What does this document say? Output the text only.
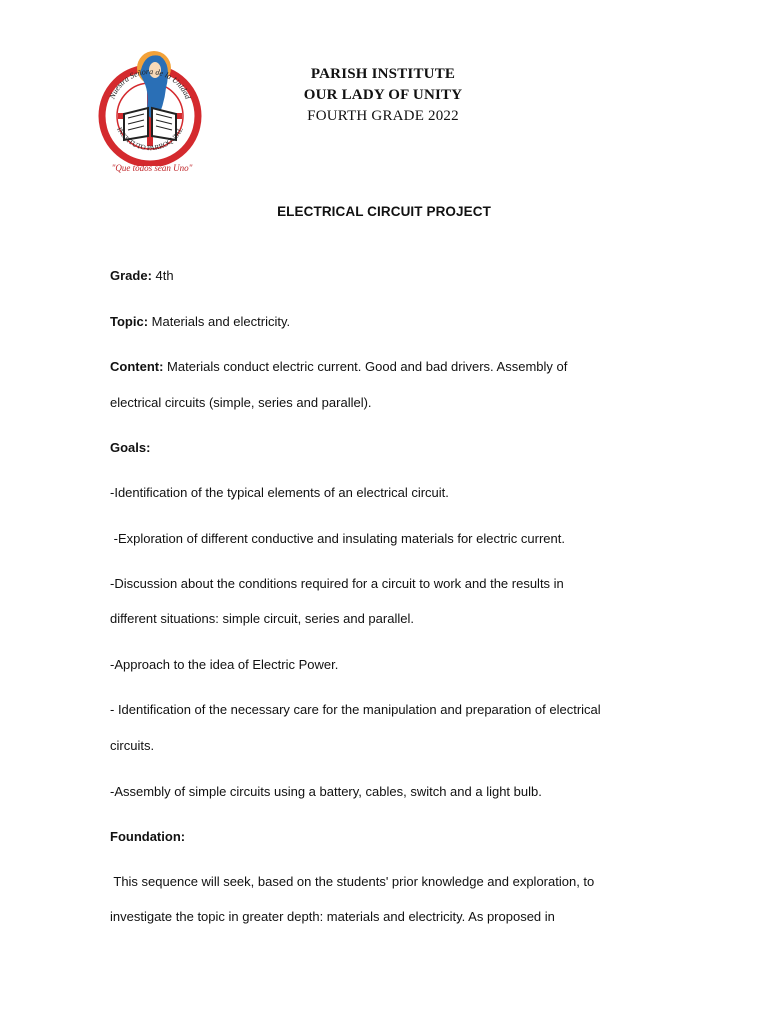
Nuestra Señora de la Unidad
INSTITUTO PARROQUIAL
"Que todos sean Uno"
PARISH INSTITUTE
OUR LADY OF UNITY
FOURTH GRADE 2022
ELECTRICAL CIRCUIT PROJECT
Grade: 4th
Topic: Materials and electricity.
Content: Materials conduct electric current. Good and bad drivers. Assembly of
electrical circuits (simple, series and parallel).
Goals:
-Identification of the typical elements of an electrical circuit.
-Exploration of different conductive and insulating materials for electric current.
-Discussion about the conditions required for a circuit to work and the results in
different situations: simple circuit, series and parallel.
-Approach to the idea of Electric Power.
- Identification of the necessary care for the manipulation and preparation of electrical
circuits.
-Assembly of simple circuits using a battery, cables, switch and a light bulb.
Foundation:
This sequence will seek, based on the students' prior knowledge and exploration, to
investigate the topic in greater depth: materials and electricity. As proposed in
